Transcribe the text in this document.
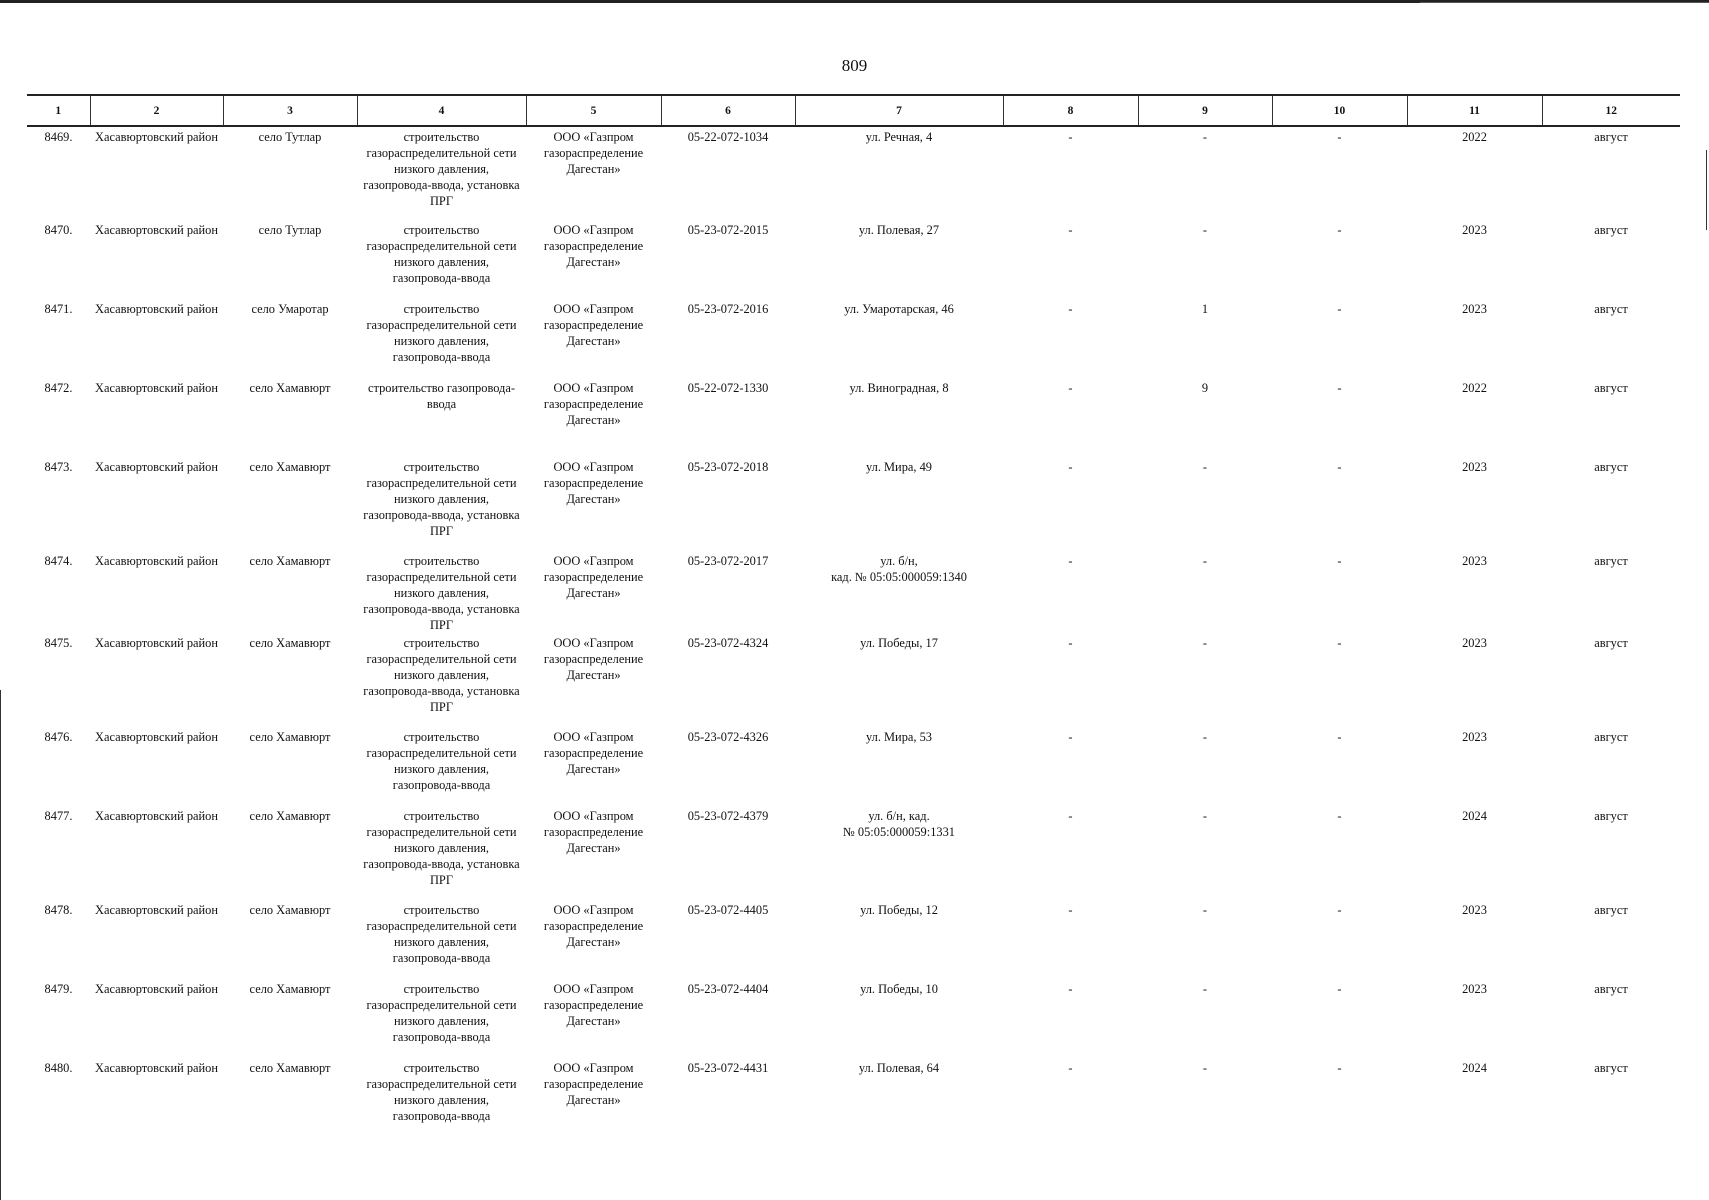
809
1	2	3	4	5	6	7	8	9	10	11	12
8469.	Хасавюртовский район	село Тутлар	строительство
газораспределительной сети
низкого давления,
газопровода-ввода, установка
ПРГ	ООО «Газпром
газораспределение
Дагестан»	05-22-072-1034	ул. Речная, 4	-	-	-	2022	август
8470.	Хасавюртовский район	село Тутлар	строительство
газораспределительной сети
низкого давления,
газопровода-ввода	ООО «Газпром
газораспределение
Дагестан»	05-23-072-2015	ул. Полевая, 27	-	-	-	2023	август
8471.	Хасавюртовский район	село Умаротар	строительство
газораспределительной сети
низкого давления,
газопровода-ввода	ООО «Газпром
газораспределение
Дагестан»	05-23-072-2016	ул. Умаротарская, 46	-	1	-	2023	август
8472.	Хасавюртовский район	село Хамавюрт	строительство газопровода-
ввода	ООО «Газпром
газораспределение
Дагестан»	05-22-072-1330	ул. Виноградная, 8	-	9	-	2022	август
8473.	Хасавюртовский район	село Хамавюрт	строительство
газораспределительной сети
низкого давления,
газопровода-ввода, установка
ПРГ	ООО «Газпром
газораспределение
Дагестан»	05-23-072-2018	ул. Мира, 49	-	-	-	2023	август
8474.	Хасавюртовский район	село Хамавюрт	строительство
газораспределительной сети
низкого давления,
газопровода-ввода, установка
ПРГ	ООО «Газпром
газораспределение
Дагестан»	05-23-072-2017	ул. б/н,
кад. № 05:05:000059:1340	-	-	-	2023	август
8475.	Хасавюртовский район	село Хамавюрт	строительство
газораспределительной сети
низкого давления,
газопровода-ввода, установка
ПРГ	ООО «Газпром
газораспределение
Дагестан»	05-23-072-4324	ул. Победы, 17	-	-	-	2023	август
8476.	Хасавюртовский район	село Хамавюрт	строительство
газораспределительной сети
низкого давления,
газопровода-ввода	ООО «Газпром
газораспределение
Дагестан»	05-23-072-4326	ул. Мира, 53	-	-	-	2023	август
8477.	Хасавюртовский район	село Хамавюрт	строительство
газораспределительной сети
низкого давления,
газопровода-ввода, установка
ПРГ	ООО «Газпром
газораспределение
Дагестан»	05-23-072-4379	ул. б/н, кад.
№ 05:05:000059:1331	-	-	-	2024	август
8478.	Хасавюртовский район	село Хамавюрт	строительство
газораспределительной сети
низкого давления,
газопровода-ввода	ООО «Газпром
газораспределение
Дагестан»	05-23-072-4405	ул. Победы, 12	-	-	-	2023	август
8479.	Хасавюртовский район	село Хамавюрт	строительство
газораспределительной сети
низкого давления,
газопровода-ввода	ООО «Газпром
газораспределение
Дагестан»	05-23-072-4404	ул. Победы, 10	-	-	-	2023	август
8480.	Хасавюртовский район	село Хамавюрт	строительство
газораспределительной сети
низкого давления,
газопровода-ввода	ООО «Газпром
газораспределение
Дагестан»	05-23-072-4431	ул. Полевая, 64	-	-	-	2024	август
